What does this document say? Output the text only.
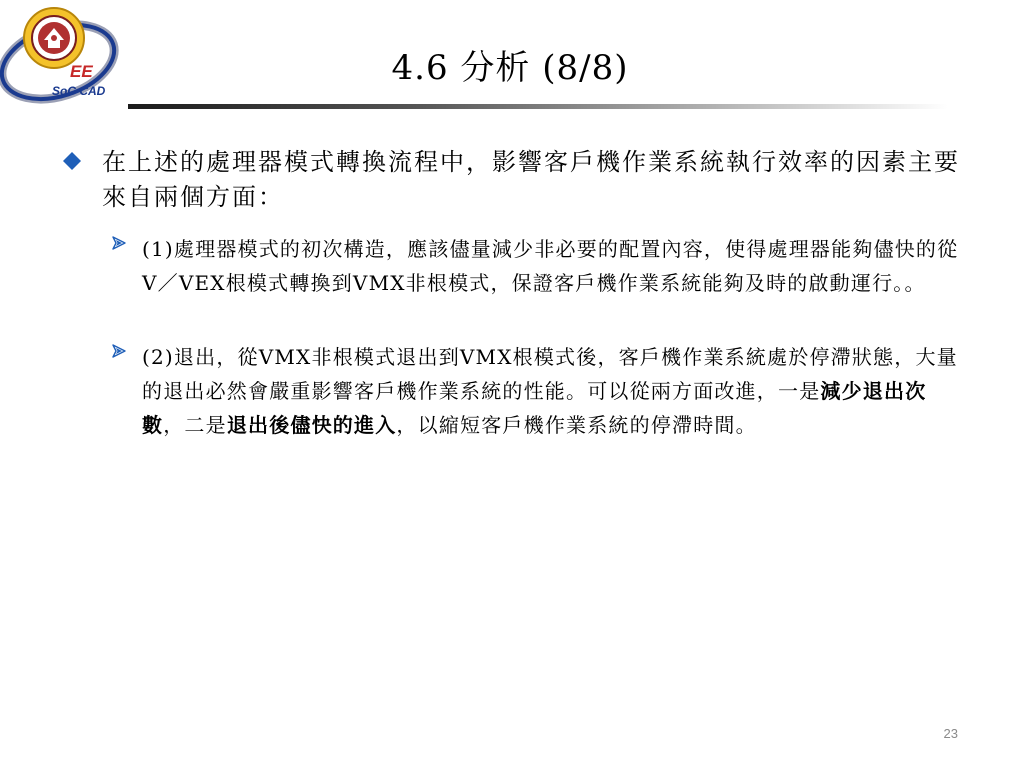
EE
SoC CAD
4.6 分析 (8/8)
在上述的處理器模式轉換流程中，影響客戶機作業系統執行效率的因素主要來自兩個方面：
(1)處理器模式的初次構造，應該儘量減少非必要的配置內容，使得處理器能夠儘快的從V／VEX根模式轉換到VMX非根模式，保證客戶機作業系統能夠及時的啟動運行。。
(2)退出，從VMX非根模式退出到VMX根模式後，客戶機作業系統處於停滯狀態，大量的退出必然會嚴重影響客戶機作業系統的性能。可以從兩方面改進，一是減少退出次數，二是退出後儘快的進入，以縮短客戶機作業系統的停滯時間。
23
